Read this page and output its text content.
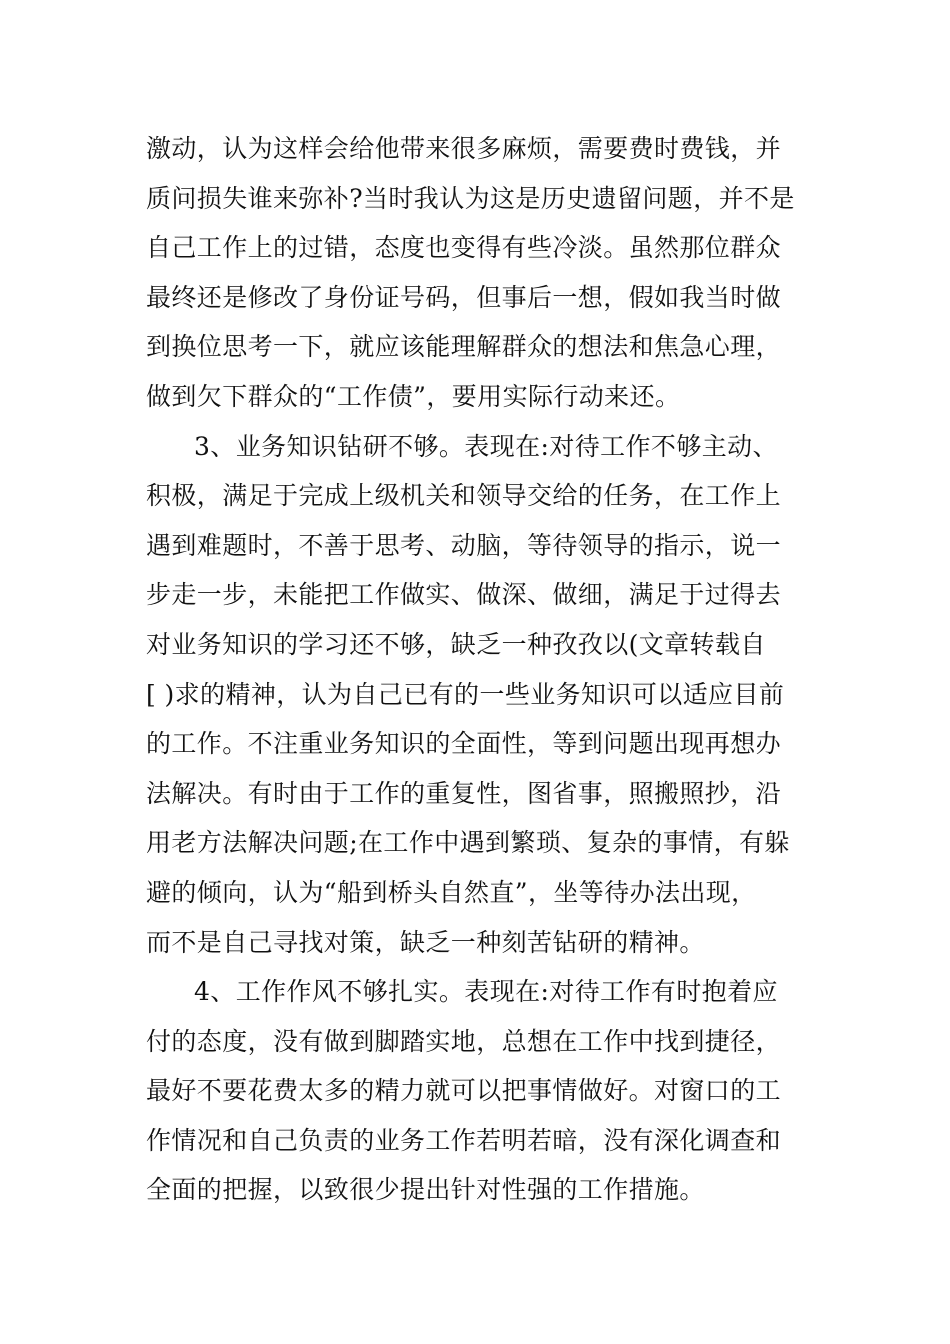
激动，认为这样会给他带来很多麻烦，需要费时费钱，并
质问损失谁来弥补?当时我认为这是历史遗留问题，并不是
自己工作上的过错，态度也变得有些冷淡。虽然那位群众
最终还是修改了身份证号码，但事后一想，假如我当时做
到换位思考一下，就应该能理解群众的想法和焦急心理，
做到欠下群众的“工作债”，要用实际行动来还。
3、业务知识钻研不够。表现在:对待工作不够主动、
积极，满足于完成上级机关和领导交给的任务，在工作上
遇到难题时，不善于思考、动脑，等待领导的指示，说一
步走一步，未能把工作做实、做深、做细，满足于过得去
对业务知识的学习还不够，缺乏一种孜孜以(文章转载自
[ )求的精神，认为自己已有的一些业务知识可以适应目前
的工作。不注重业务知识的全面性，等到问题出现再想办
法解决。有时由于工作的重复性，图省事，照搬照抄，沿
用老方法解决问题;在工作中遇到繁琐、复杂的事情，有躲
避的倾向，认为“船到桥头自然直”，坐等待办法出现，
而不是自己寻找对策，缺乏一种刻苦钻研的精神。
4、工作作风不够扎实。表现在:对待工作有时抱着应
付的态度，没有做到脚踏实地，总想在工作中找到捷径，
最好不要花费太多的精力就可以把事情做好。对窗口的工
作情况和自己负责的业务工作若明若暗，没有深化调查和
全面的把握，以致很少提出针对性强的工作措施。
